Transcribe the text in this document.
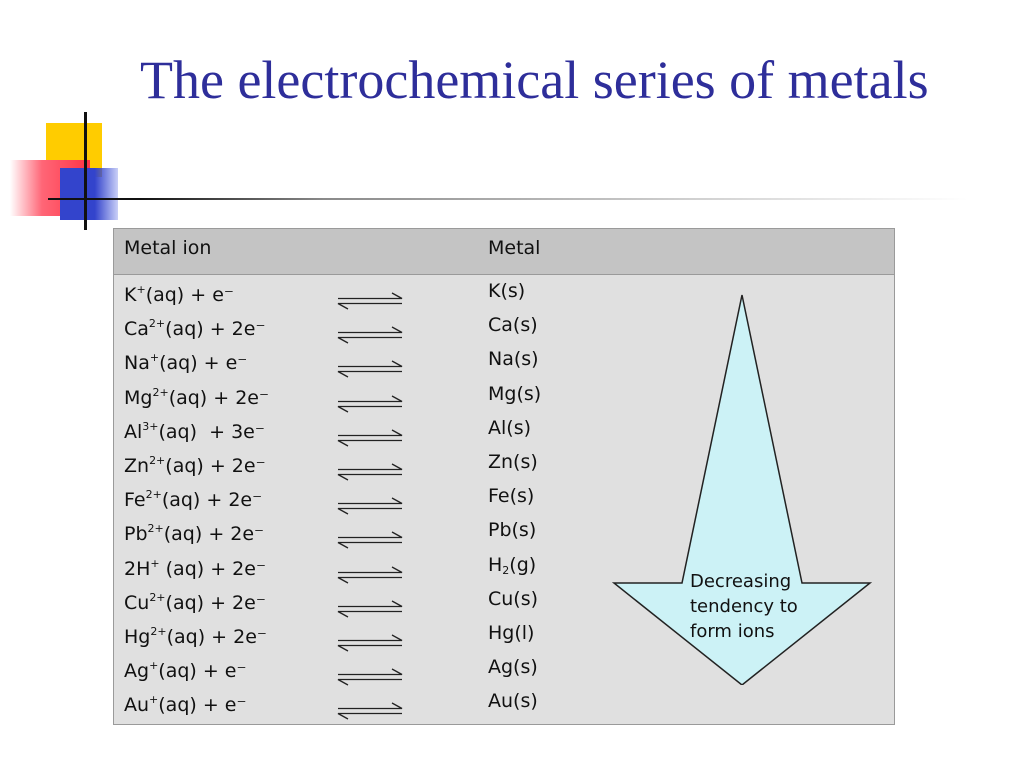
The electrochemical series of metals
Metal ion	Metal
K+(aq) + e⁻	K(s)
$Ca^{2+}(aq) + 2e^-$	Ca(s)
Na+(aq) + e⁻	Na(s)
$Mg^{2+}(aq) + 2e^-$	Mg(s)
$Al^{3+}(aq) + 3e^-$	Al(s)
$Zn^{2+}(aq) + 2e^-$	Zn(s)
$Fe^{2+}(aq) + 2e^-$	Fe(s)
$Pb^{2+}(aq) + 2e^-$	Pb(s)
2H+ (aq) + 2e⁻	$H_2(g)$
$Cu^{2+}(aq) + 2e^-$	Cu(s)
$Hg^{2+}(aq) + 2e^-$	Hg(l)
Ag+(aq) + e⁻	Ag(s)
Au+(aq) + e⁻	Au(s)
Decreasing
tendency to
form ions
